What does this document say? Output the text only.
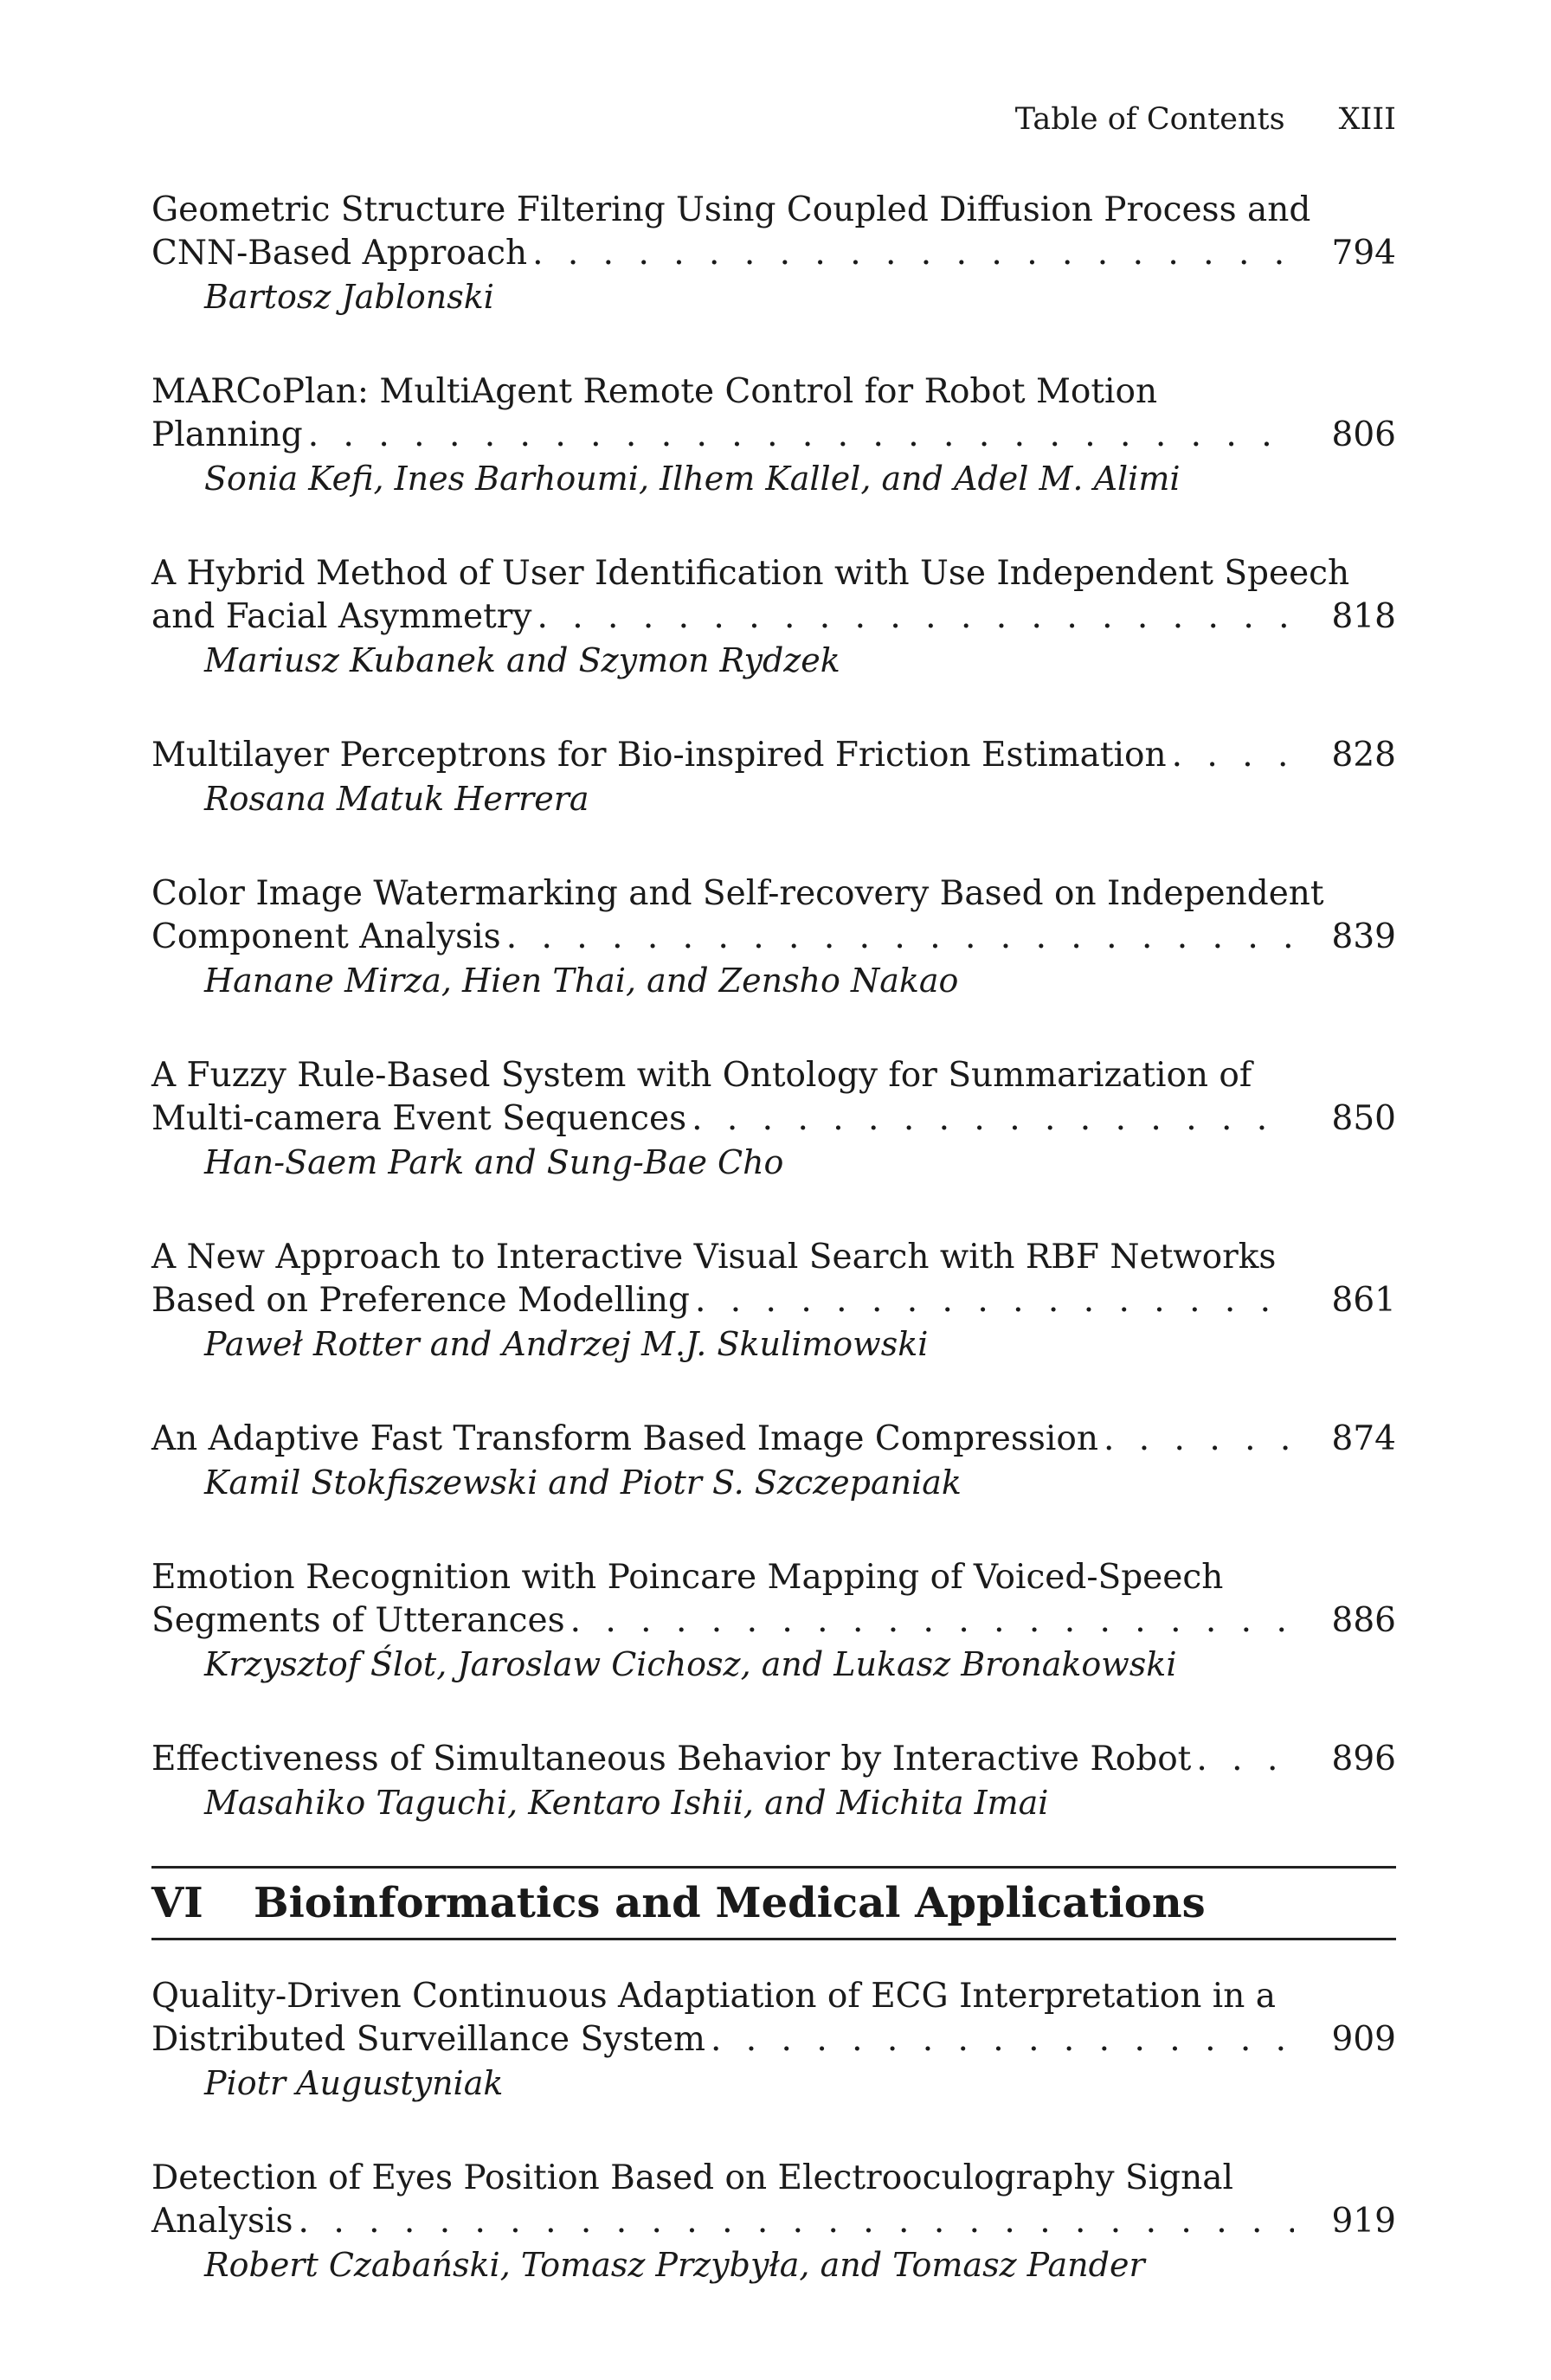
Table of Contents XIII
Geometric Structure Filtering Using Coupled Diffusion Process and
CNN-Based Approach . . .	794
Bartosz Jablonski
MARCoPlan: MultiAgent Remote Control for Robot Motion
Planning . . .	806
Sonia Kefi, Ines Barhoumi, Ilhem Kallel, and Adel M. Alimi
A Hybrid Method of User Identification with Use Independent Speech
and Facial Asymmetry . . .	818
Mariusz Kubanek and Szymon Rydzek
Multilayer Perceptrons for Bio-inspired Friction Estimation . . .	828
Rosana Matuk Herrera
Color Image Watermarking and Self-recovery Based on Independent
Component Analysis . . .	839
Hanane Mirza, Hien Thai, and Zensho Nakao
A Fuzzy Rule-Based System with Ontology for Summarization of
Multi-camera Event Sequences . . .	850
Han-Saem Park and Sung-Bae Cho
A New Approach to Interactive Visual Search with RBF Networks
Based on Preference Modelling . . .	861
Paweł Rotter and Andrzej M.J. Skulimowski
An Adaptive Fast Transform Based Image Compression . . .	874
Kamil Stokfiszewski and Piotr S. Szczepaniak
Emotion Recognition with Poincare Mapping of Voiced-Speech
Segments of Utterances . . .	886
Krzysztof Ślot, Jaroslaw Cichosz, and Lukasz Bronakowski
Effectiveness of Simultaneous Behavior by Interactive Robot . . .	896
Masahiko Taguchi, Kentaro Ishii, and Michita Imai
VI	Bioinformatics and Medical Applications
Quality-Driven Continuous Adaptiation of ECG Interpretation in a
Distributed Surveillance System . . .	909
Piotr Augustyniak
Detection of Eyes Position Based on Electrooculography Signal
Analysis . . .	919
Robert Czabański, Tomasz Przybyła, and Tomasz Pander
